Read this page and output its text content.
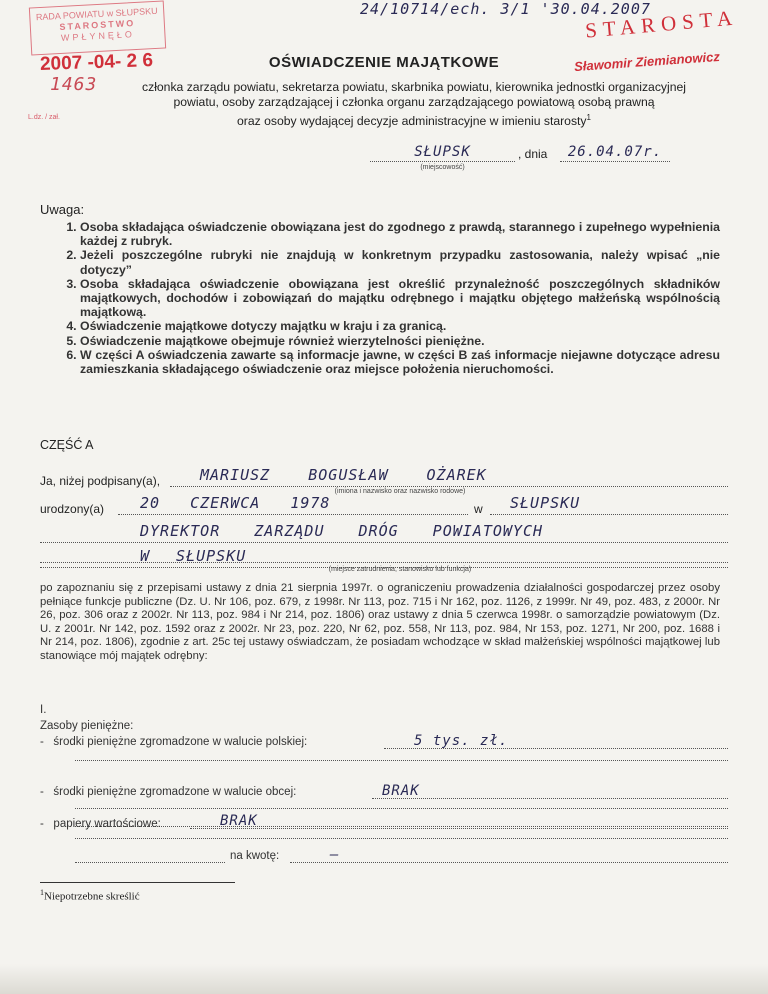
RADA POWIATU w SŁUPSKU
STAROSTWO
WPŁYNĘŁO
2007 -04- 2 6
1463
L.dz. / zał.
24/10714/ech. 3/1 '30.04.2007
STAROSTA
Sławomir Ziemianowicz
OŚWIADCZENIE MAJĄTKOWE
członka zarządu powiatu, sekretarza powiatu, skarbnika powiatu, kierownika jednostki organizacyjnej
powiatu, osoby zarządzającej i członka organu zarządzającego powiatową osobą prawną
oraz osoby wydającej decyzje administracyjne w imieniu starosty$^1$
SŁUPSK
(miejscowość)
, dnia	26.04.07r.
Uwaga:
1. Osoba składająca oświadczenie obowiązana jest do zgodnego z prawdą, starannego i zupełnego wypełnienia każdej z rubryk.
2. Jeżeli poszczególne rubryki nie znajdują w konkretnym przypadku zastosowania, należy wpisać „nie dotyczy”
3. Osoba składająca oświadczenie obowiązana jest określić przynależność poszczególnych składników majątkowych, dochodów i zobowiązań do majątku odrębnego i majątku objętego małżeńską wspólnością majątkową.
4. Oświadczenie majątkowe dotyczy majątku w kraju i za granicą.
5. Oświadczenie majątkowe obejmuje również wierzytelności pieniężne.
6. W części A oświadczenia zawarte są informacje jawne, w części B zaś informacje niejawne dotyczące adresu zamieszkania składającego oświadczenie oraz miejsce położenia nieruchomości.
CZĘŚĆ A
Ja, niżej podpisany(a),	MARIUSZ BOGUSŁAW OŻAREK
(imiona i nazwisko oraz nazwisko rodowe)
urodzony(a)	20 CZERWCA 1978	w	SŁUPSKU
DYREKTOR ZARZĄDU DRÓG POWIATOWYCH
W SŁUPSKU
(miejsce zatrudnienia, stanowisko lub funkcja)
po zapoznaniu się z przepisami ustawy z dnia 21 sierpnia 1997r. o ograniczeniu prowadzenia działalności gospodarczej przez osoby pełniące funkcje publiczne (Dz. U. Nr 106, poz. 679, z 1998r. Nr 113, poz. 715 i Nr 162, poz. 1126, z 1999r. Nr 49, poz. 483, z 2000r. Nr 26, poz. 306 oraz z 2002r. Nr 113, poz. 984 i Nr 214, poz. 1806) oraz ustawy z dnia 5 czerwca 1998r. o samorządzie powiatowym (Dz. U. z 2001r. Nr 142, poz. 1592 oraz z 2002r. Nr 23, poz. 220, Nr 62, poz. 558, Nr 113, poz. 984, Nr 153, poz. 1271, Nr 200, poz. 1688 i Nr 214, poz. 1806), zgodnie z art. 25c tej ustawy oświadczam, że posiadam wchodzące w skład małżeńskiej wspólności majątkowej lub stanowiące mój majątek odrębny:
I.
Zasoby pieniężne:
-   środki pieniężne zgromadzone w walucie polskiej:	5 tys. zł.
-   środki pieniężne zgromadzone w walucie obcej:	BRAK
-   papiery wartościowe:	BRAK
na kwotę:	—
$^1$Niepotrzebne skreślić
